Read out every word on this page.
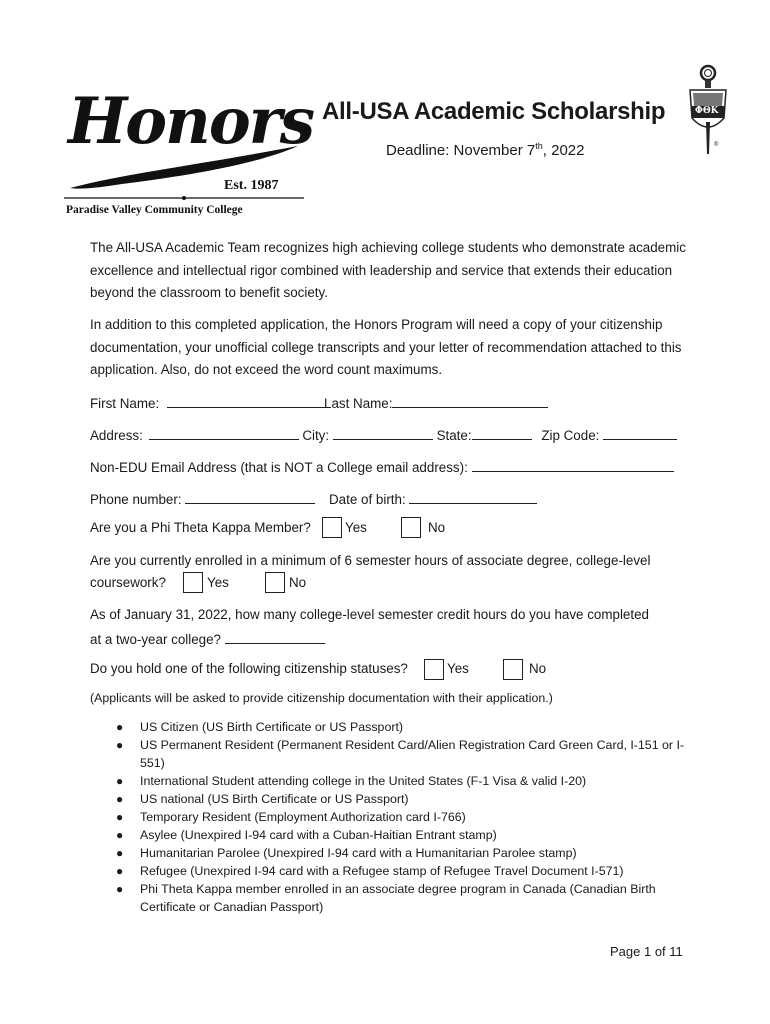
Honors
Est. 1987
Paradise Valley Community College
ΦΘΚ
®
All-USA Academic Scholarship
Deadline: November 7th, 2022
The All-USA Academic Team recognizes high achieving college students who demonstrate academic excellence and intellectual rigor combined with leadership and service that extends their education beyond the classroom to benefit society.
In addition to this completed application, the Honors Program will need a copy of your citizenship documentation, your unofficial college transcripts and your letter of recommendation attached to this application. Also, do not exceed the word count maximums.
First Name:	Last Name:
Address:	City:	State:	Zip Code:
Non-EDU Email Address (that is NOT a College email address):
Phone number:	Date of birth:
Are you a Phi Theta Kappa Member?	Yes	No
Are you currently enrolled in a minimum of 6 semester hours of associate degree, college-level
coursework?	Yes	No
As of January 31, 2022, how many college-level semester credit hours do you have completed
at a two-year college?
Do you hold one of the following citizenship statuses?	Yes	No
(Applicants will be asked to provide citizenship documentation with their application.)
● US Citizen (US Birth Certificate or US Passport)
● US Permanent Resident (Permanent Resident Card/Alien Registration Card Green Card, I-151 or I-551)
● International Student attending college in the United States (F-1 Visa & valid I-20)
● US national (US Birth Certificate or US Passport)
● Temporary Resident (Employment Authorization card I-766)
● Asylee (Unexpired I-94 card with a Cuban-Haitian Entrant stamp)
● Humanitarian Parolee (Unexpired I-94 card with a Humanitarian Parolee stamp)
● Refugee (Unexpired I-94 card with a Refugee stamp of Refugee Travel Document I-571)
● Phi Theta Kappa member enrolled in an associate degree program in Canada (Canadian Birth Certificate or Canadian Passport)
Page 1 of 11
